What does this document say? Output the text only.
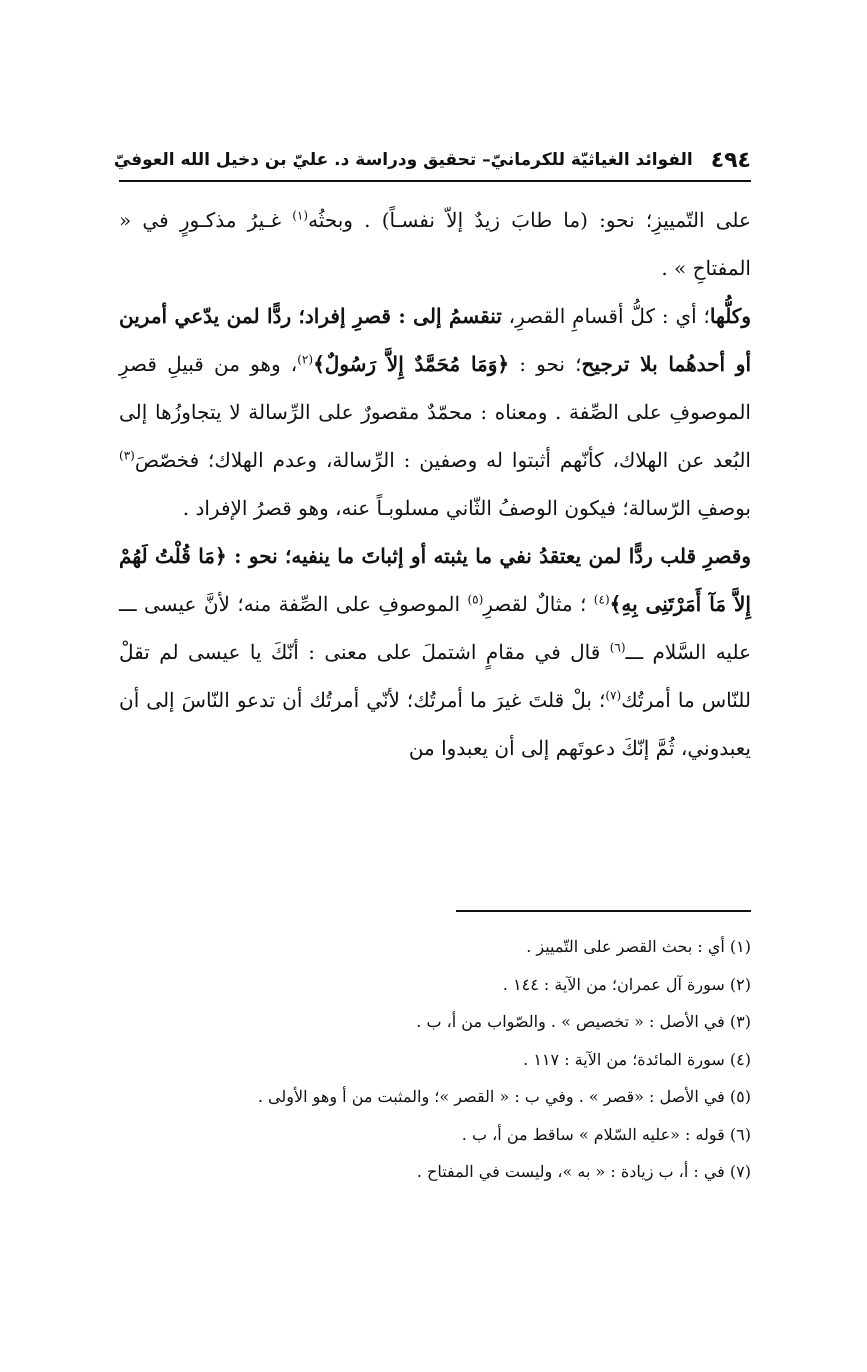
٤٩٤
الفوائد الغياثيّة للكرمانيّ– تحقيق ودراسة د. عليّ بن دخيل الله العوفيّ

على التّمييزِ؛ نحو: (ما طابَ زيدٌ إلاّ نفسـاً) . وبحثُه$^{(١)}$ غـيرُ مذكـورٍ في « المفتاحِ » .

وكلُّها؛ أي : كلُّ أقسامِ القصرِ، تنقسمُ إلى : قصرِ إفراد؛ ردًّا لمن يدّعي أمرين أو أحدهُما بلا ترجيح؛ نحو : ﴿وَمَا مُحَمَّدٌ إِلاَّ رَسُولٌ﴾$^{(٢)}$، وهو من قبيلِ قصرِ الموصوفِ على الصِّفة . ومعناه : محمّدٌ مقصورٌ على الرِّسالة لا يتجاوزُها إلى البُعد عن الهلاك، كأنّهم أثبتوا له وصفين : الرِّسالة، وعدم الهلاك؛ فخصّصَ$^{(٣)}$ بوصفِ الرّسالة؛ فيكون الوصفُ الثّاني مسلوبـاً عنه، وهو قصرُ الإفراد .

وقصرِ قلب ردًّا لمن يعتقدُ نفي ما يثبته أو إثباتَ ما ينفيه؛ نحو : ﴿مَا قُلْتُ لَهُمْ إِلاَّ مَآ أَمَرْتَنِى بِهِ﴾$^{(٤)}$ ؛ مثالٌ لقصرِ$^{(٥)}$ الموصوفِ على الصِّفة منه؛ لأنَّ عيسى ـــ عليه السَّلام ـــ$^{(٦)}$ قال في مقامٍ اشتملَ على معنى : أنّكَ يا عيسى لم تقلْ للنّاس ما أمرتُك$^{(٧)}$؛ بلْ قلتَ غيرَ ما أمرتُك؛ لأنّي أمرتُك أن تدعو النّاسَ إلى أن يعبدوني، ثُمَّ إنّكَ دعوتَهم إلى أن يعبدوا من

(١) أي : بحث القصر على التّمييز .
(٢) سورة آل عمران؛ من الآية : ١٤٤ .
(٣) في الأصل : « تخصيص » . والصّواب من أ، ب .
(٤) سورة المائدة؛ من الآية : ١١٧ .
(٥) في الأصل : «قصر » . وفي ب : « القصر »؛ والمثبت من أ وهو الأولى .
(٦) قوله : «عليه السّلام » ساقط من أ، ب .
(٧) في : أ، ب زيادة : « به »، وليست في المفتاح .
